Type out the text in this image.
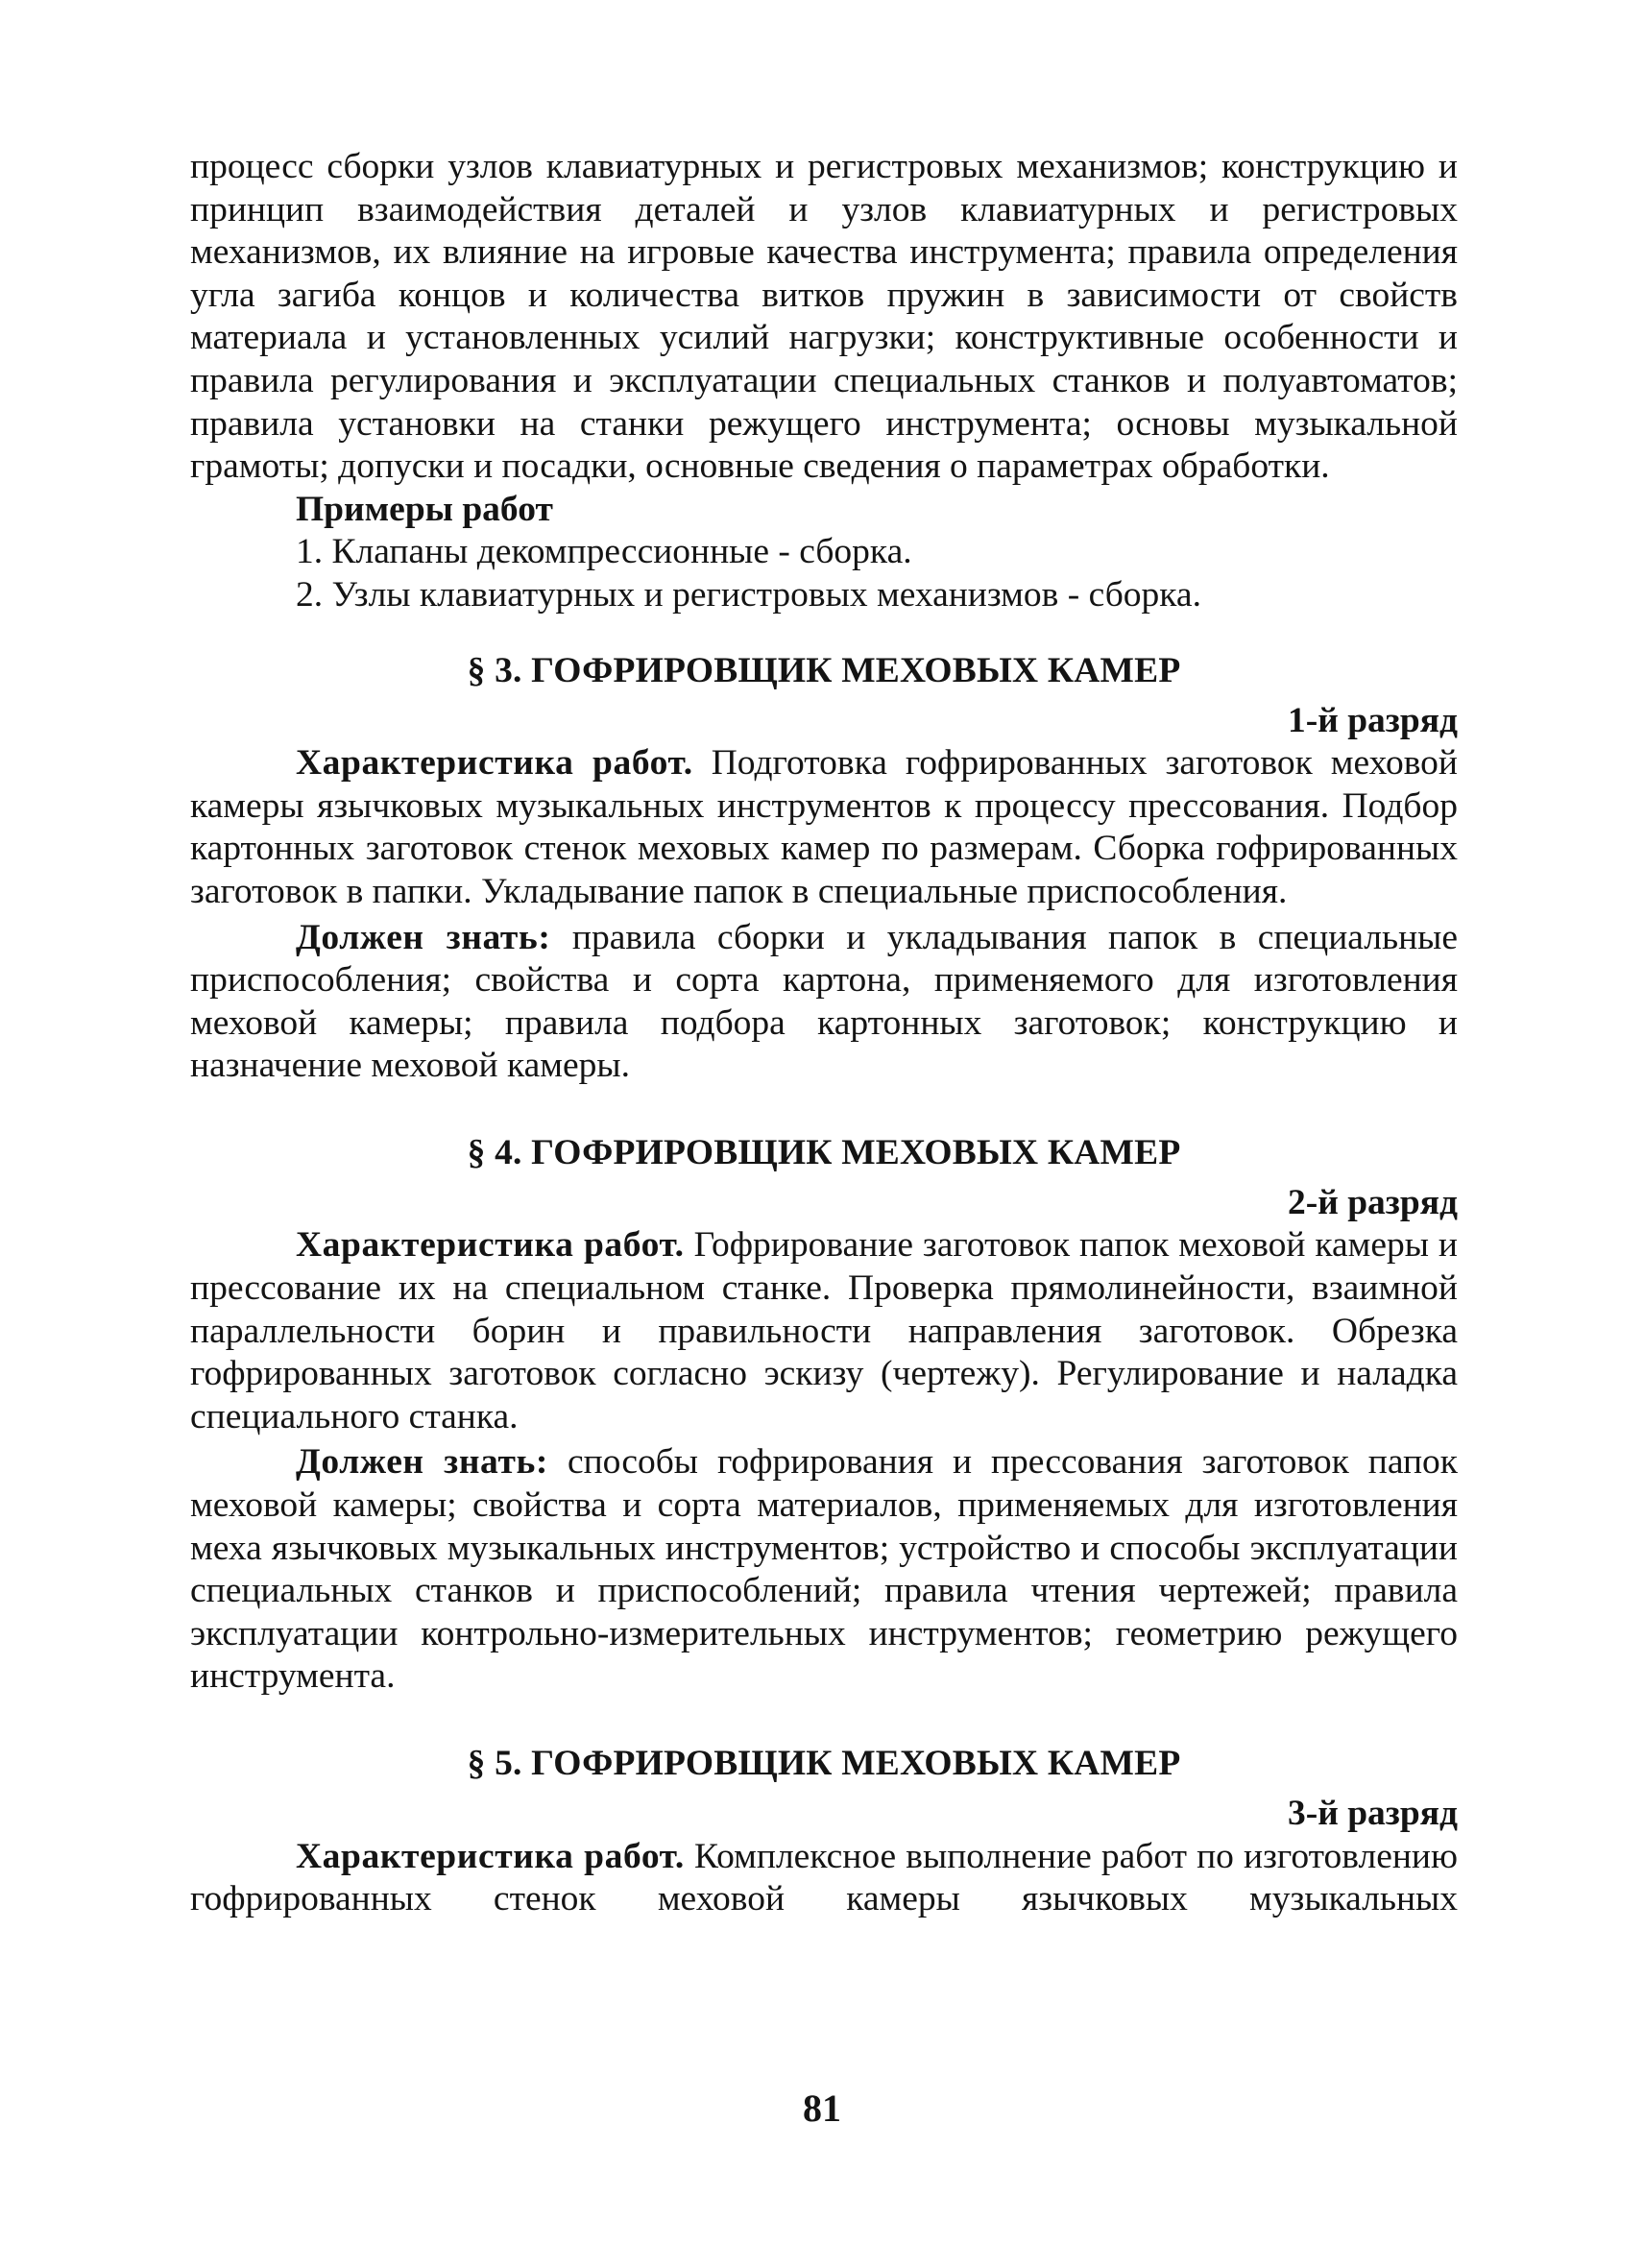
процесс сборки узлов клавиатурных и регистровых механизмов; конструкцию и принцип взаимодействия деталей и узлов клавиатурных и регистровых механизмов, их влияние на игровые качества инструмента; правила определения угла загиба концов и количества витков пружин в зависимости от свойств материала и установленных усилий нагрузки; конструктивные особенности и правила регулирования и эксплуатации специальных станков и полуавтоматов; правила установки на станки режущего инструмента; основы музыкальной грамоты; допуски и посадки, основные сведения о параметрах обработки.

Примеры работ

1. Клапаны декомпрессионные - сборка.
2. Узлы клавиатурных и регистровых механизмов - сборка.

§ 3. ГОФРИРОВЩИК МЕХОВЫХ КАМЕР

1-й разряд

Характеристика работ. Подготовка гофрированных заготовок меховой камеры язычковых музыкальных инструментов к процессу прессования. Подбор картонных заготовок стенок меховых камер по размерам. Сборка гофрированных заготовок в папки. Укладывание папок в специальные приспособления.

Должен знать: правила сборки и укладывания папок в специальные приспособления; свойства и сорта картона, применяемого для изготовления меховой камеры; правила подбора картонных заготовок; конструкцию и назначение меховой камеры.

§ 4. ГОФРИРОВЩИК МЕХОВЫХ КАМЕР

2-й разряд

Характеристика работ. Гофрирование заготовок папок меховой камеры и прессование их на специальном станке. Проверка прямолинейности, взаимной параллельности борин и правильности направления заготовок. Обрезка гофрированных заготовок согласно эскизу (чертежу). Регулирование и наладка специального станка.

Должен знать: способы гофрирования и прессования заготовок папок меховой камеры; свойства и сорта материалов, применяемых для изготовления меха язычковых музыкальных инструментов; устройство и способы эксплуатации специальных станков и приспособлений; правила чтения чертежей; правила эксплуатации контрольно-измерительных инструментов; геометрию режущего инструмента.

§ 5. ГОФРИРОВЩИК МЕХОВЫХ КАМЕР

3-й разряд

Характеристика работ. Комплексное выполнение работ по изготовлению гофрированных стенок меховой камеры язычковых музыкальных

81
